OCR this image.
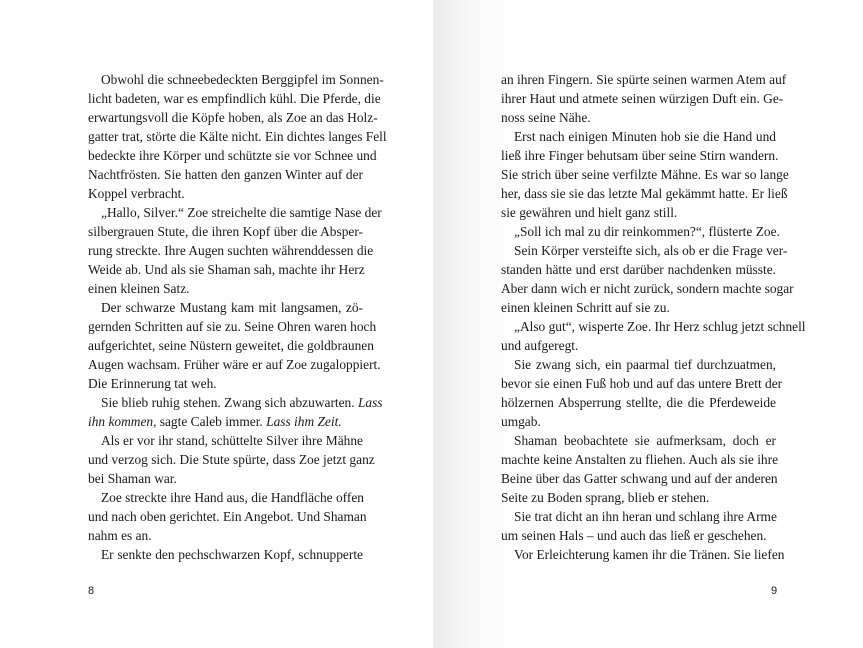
Obwohl die schneebedeckten Berggipfel im Sonnen-
licht badeten, war es empfindlich kühl. Die Pferde, die
erwartungsvoll die Köpfe hoben, als Zoe an das Holz-
gatter trat, störte die Kälte nicht. Ein dichtes langes Fell
bedeckte ihre Körper und schützte sie vor Schnee und
Nachtfrösten. Sie hatten den ganzen Winter auf der
Koppel verbracht.
„Hallo, Silver.“ Zoe streichelte die samtige Nase der
silbergrauen Stute, die ihren Kopf über die Absper-
rung streckte. Ihre Augen suchten währenddessen die
Weide ab. Und als sie Shaman sah, machte ihr Herz
einen kleinen Satz.
Der schwarze Mustang kam mit langsamen, zö-
gernden Schritten auf sie zu. Seine Ohren waren hoch
aufgerichtet, seine Nüstern geweitet, die goldbraunen
Augen wachsam. Früher wäre er auf Zoe zugaloppiert.
Die Erinnerung tat weh.
Sie blieb ruhig stehen. Zwang sich abzuwarten. Lass
ihn kommen, sagte Caleb immer. Lass ihm Zeit.
Als er vor ihr stand, schüttelte Silver ihre Mähne
und verzog sich. Die Stute spürte, dass Zoe jetzt ganz
bei Shaman war.
Zoe streckte ihre Hand aus, die Handfläche offen
und nach oben gerichtet. Ein Angebot. Und Shaman
nahm es an.
Er senkte den pechschwarzen Kopf, schnupperte
8
an ihren Fingern. Sie spürte seinen warmen Atem auf
ihrer Haut und atmete seinen würzigen Duft ein. Ge-
noss seine Nähe.
Erst nach einigen Minuten hob sie die Hand und
ließ ihre Finger behutsam über seine Stirn wandern.
Sie strich über seine verfilzte Mähne. Es war so lange
her, dass sie sie das letzte Mal gekämmt hatte. Er ließ
sie gewähren und hielt ganz still.
„Soll ich mal zu dir reinkommen?“, flüsterte Zoe.
Sein Körper versteifte sich, als ob er die Frage ver-
standen hätte und erst darüber nachdenken müsste.
Aber dann wich er nicht zurück, sondern machte sogar
einen kleinen Schritt auf sie zu.
„Also gut“, wisperte Zoe. Ihr Herz schlug jetzt schnell
und aufgeregt.
Sie zwang sich, ein paarmal tief durchzuatmen,
bevor sie einen Fuß hob und auf das untere Brett der
hölzernen Absperrung stellte, die die Pferdeweide
umgab.
Shaman beobachtete sie aufmerksam, doch er
machte keine Anstalten zu fliehen. Auch als sie ihre
Beine über das Gatter schwang und auf der anderen
Seite zu Boden sprang, blieb er stehen.
Sie trat dicht an ihn heran und schlang ihre Arme
um seinen Hals – und auch das ließ er geschehen.
Vor Erleichterung kamen ihr die Tränen. Sie liefen
9
